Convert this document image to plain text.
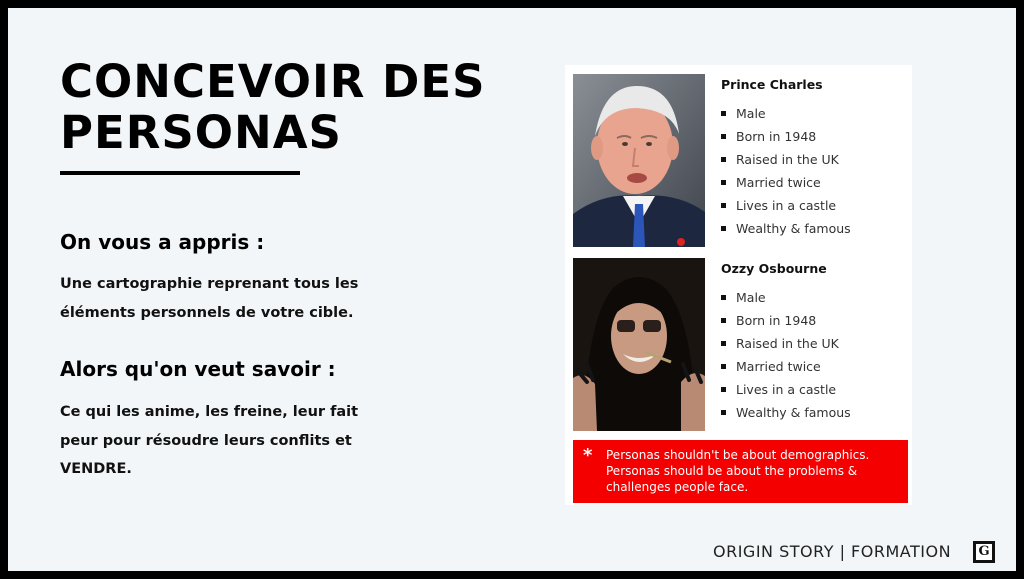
CONCEVOIR DES
PERSONAS
On vous a appris :

Une cartographie reprenant tous les
éléments personnels de votre cible.

Alors qu'on veut savoir :

Ce qui les anime, les freine, leur fait
peur pour résoudre leurs conflits et
VENDRE.

Prince Charles
Male
Born in 1948
Raised in the UK
Married twice
Lives in a castle
Wealthy & famous
Ozzy Osbourne
Male
Born in 1948
Raised in the UK
Married twice
Lives in a castle
Wealthy & famous
* Personas shouldn't be about demographics.
Personas should be about the problems &
challenges people face.
ORIGIN STORY | FORMATION G
